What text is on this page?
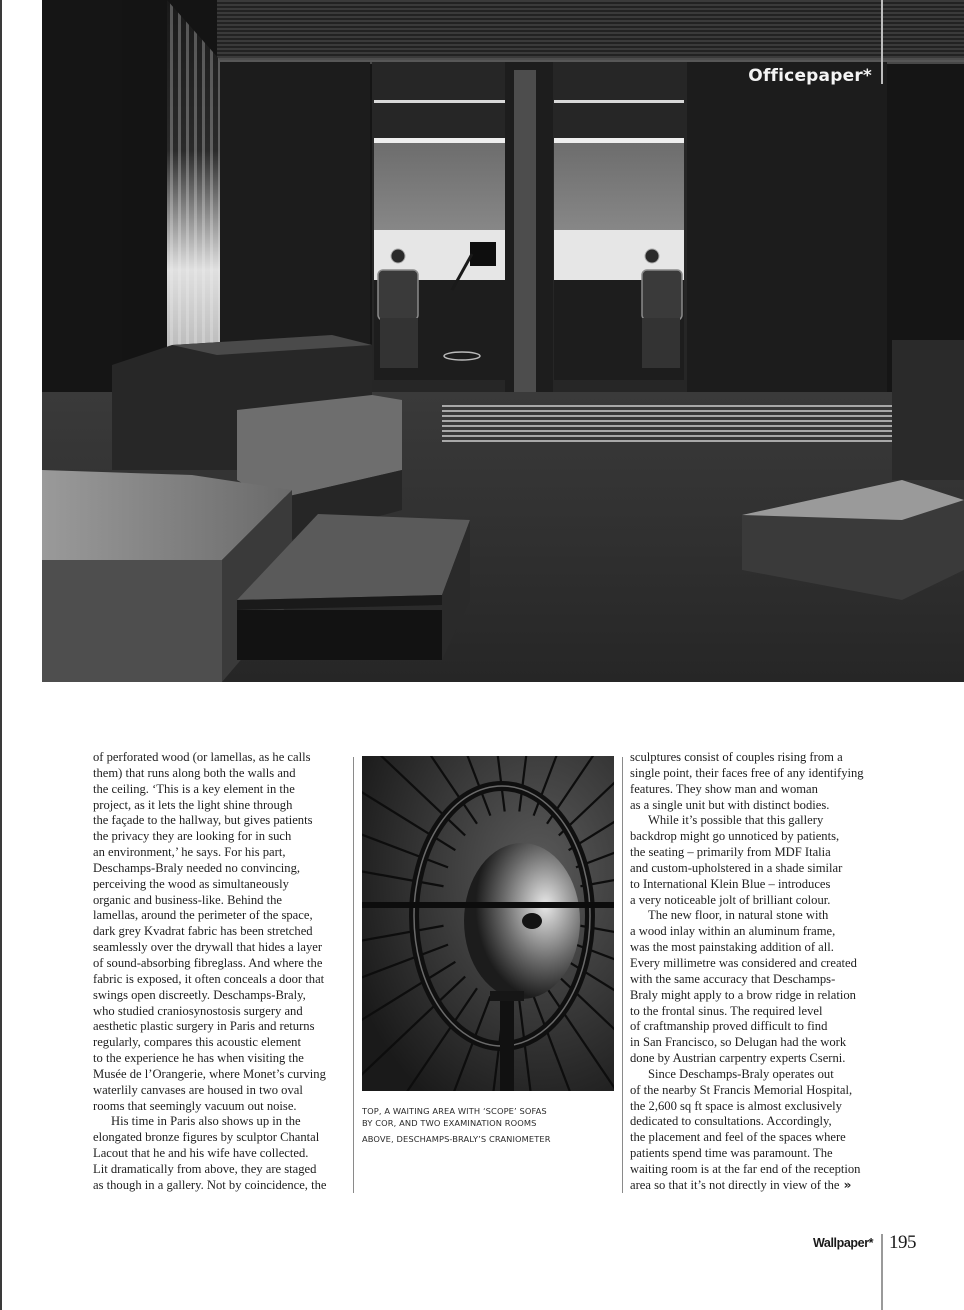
Officepaper*
of perforated wood (or lamellas, as he calls
them) that runs along both the walls and
the ceiling. ‘This is a key element in the
project, as it lets the light shine through
the façade to the hallway, but gives patients
the privacy they are looking for in such
an environment,’ he says. For his part,
Deschamps-Braly needed no convincing,
perceiving the wood as simultaneously
organic and business-like. Behind the
lamellas, around the perimeter of the space,
dark grey Kvadrat fabric has been stretched
seamlessly over the drywall that hides a layer
of sound-absorbing fibreglass. And where the
fabric is exposed, it often conceals a door that
swings open discreetly. Deschamps-Braly,
who studied craniosynostosis surgery and
aesthetic plastic surgery in Paris and returns
regularly, compares this acoustic element
to the experience he has when visiting the
Musée de l’Orangerie, where Monet’s curving
waterlily canvases are housed in two oval
rooms that seemingly vacuum out noise.
His time in Paris also shows up in the
elongated bronze figures by sculptor Chantal
Lacout that he and his wife have collected.
Lit dramatically from above, they are staged
as though in a gallery. Not by coincidence, the
TOP, A WAITING AREA WITH ‘SCOPE’ SOFAS
BY COR, AND TWO EXAMINATION ROOMS
ABOVE, DESCHAMPS-BRALY’S CRANIOMETER
sculptures consist of couples rising from a
single point, their faces free of any identifying
features. They show man and woman
as a single unit but with distinct bodies.
While it’s possible that this gallery
backdrop might go unnoticed by patients,
the seating – primarily from MDF Italia
and custom-upholstered in a shade similar
to International Klein Blue – introduces
a very noticeable jolt of brilliant colour.
The new floor, in natural stone with
a wood inlay within an aluminum frame,
was the most painstaking addition of all.
Every millimetre was considered and created
with the same accuracy that Deschamps-
Braly might apply to a brow ridge in relation
to the frontal sinus. The required level
of craftmanship proved difficult to find
in San Francisco, so Delugan had the work
done by Austrian carpentry experts Cserni.
Since Deschamps-Braly operates out
of the nearby St Francis Memorial Hospital,
the 2,600 sq ft space is almost exclusively
dedicated to consultations. Accordingly,
the placement and feel of the spaces where
patients spend time was paramount. The
waiting room is at the far end of the reception
area so that it’s not directly in view of the »
Wallpaper* 195
